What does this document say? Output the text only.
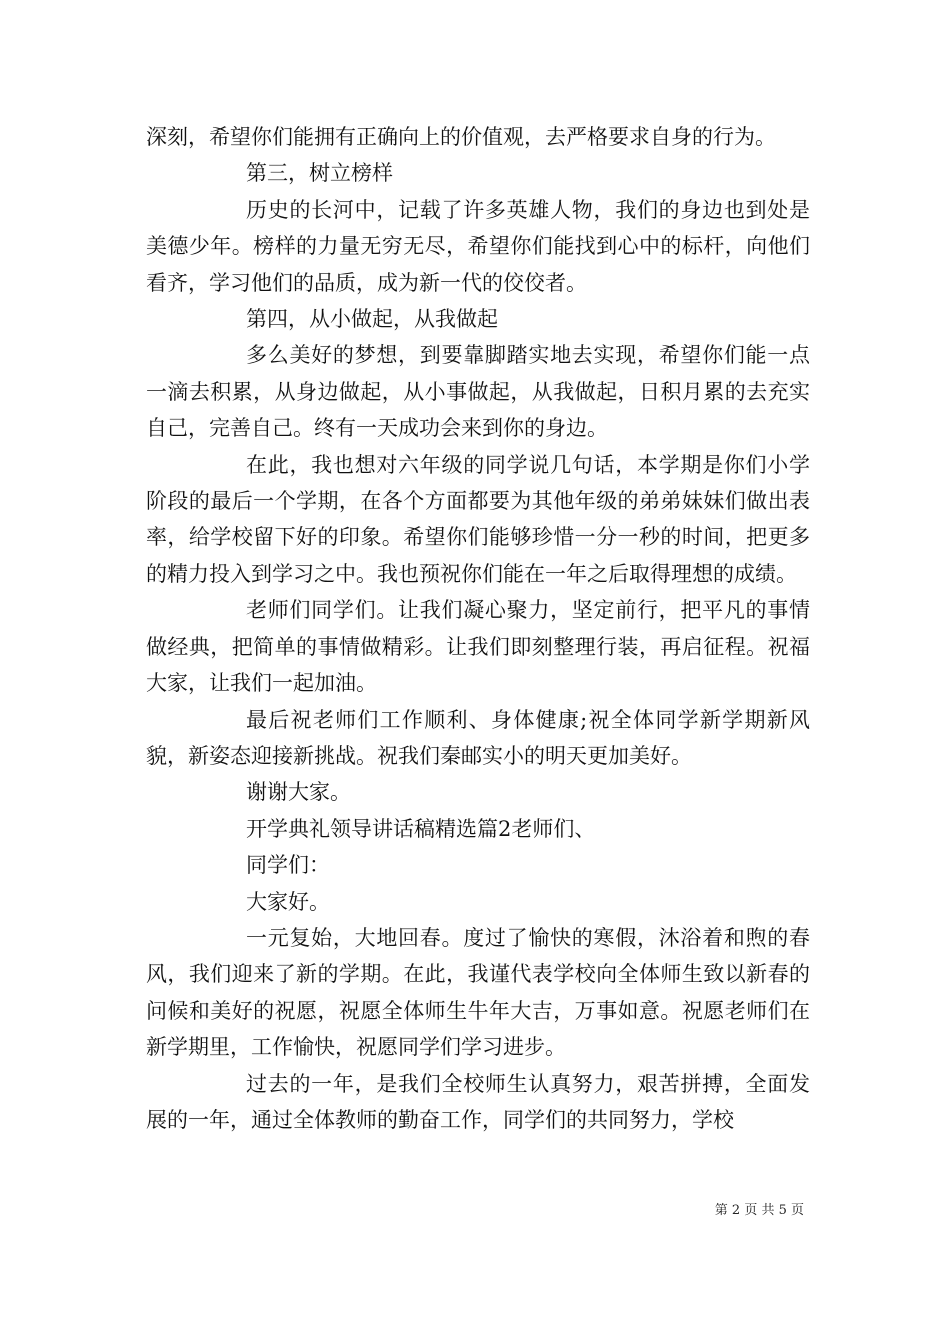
深刻，希望你们能拥有正确向上的价值观，去严格要求自身的行为。

第三，树立榜样

历史的长河中，记载了许多英雄人物，我们的身边也到处是美德少年。榜样的力量无穷无尽，希望你们能找到心中的标杆，向他们看齐，学习他们的品质，成为新一代的佼佼者。

第四，从小做起，从我做起

多么美好的梦想，到要靠脚踏实地去实现，希望你们能一点一滴去积累，从身边做起，从小事做起，从我做起，日积月累的去充实自己，完善自己。终有一天成功会来到你的身边。

在此，我也想对六年级的同学说几句话，本学期是你们小学阶段的最后一个学期，在各个方面都要为其他年级的弟弟妹妹们做出表率，给学校留下好的印象。希望你们能够珍惜一分一秒的时间，把更多的精力投入到学习之中。我也预祝你们能在一年之后取得理想的成绩。

老师们同学们。让我们凝心聚力，坚定前行，把平凡的事情做经典，把简单的事情做精彩。让我们即刻整理行装，再启征程。祝福大家，让我们一起加油。

最后祝老师们工作顺利、身体健康;祝全体同学新学期新风貌，新姿态迎接新挑战。祝我们秦邮实小的明天更加美好。

谢谢大家。

开学典礼领导讲话稿精选篇2老师们、

同学们：

大家好。

一元复始，大地回春。度过了愉快的寒假，沐浴着和煦的春风，我们迎来了新的学期。在此，我谨代表学校向全体师生致以新春的问候和美好的祝愿，祝愿全体师生牛年大吉，万事如意。祝愿老师们在新学期里，工作愉快，祝愿同学们学习进步。

过去的一年，是我们全校师生认真努力，艰苦拼搏，全面发展的一年，通过全体教师的勤奋工作，同学们的共同努力，学校

第 2 页 共 5 页
